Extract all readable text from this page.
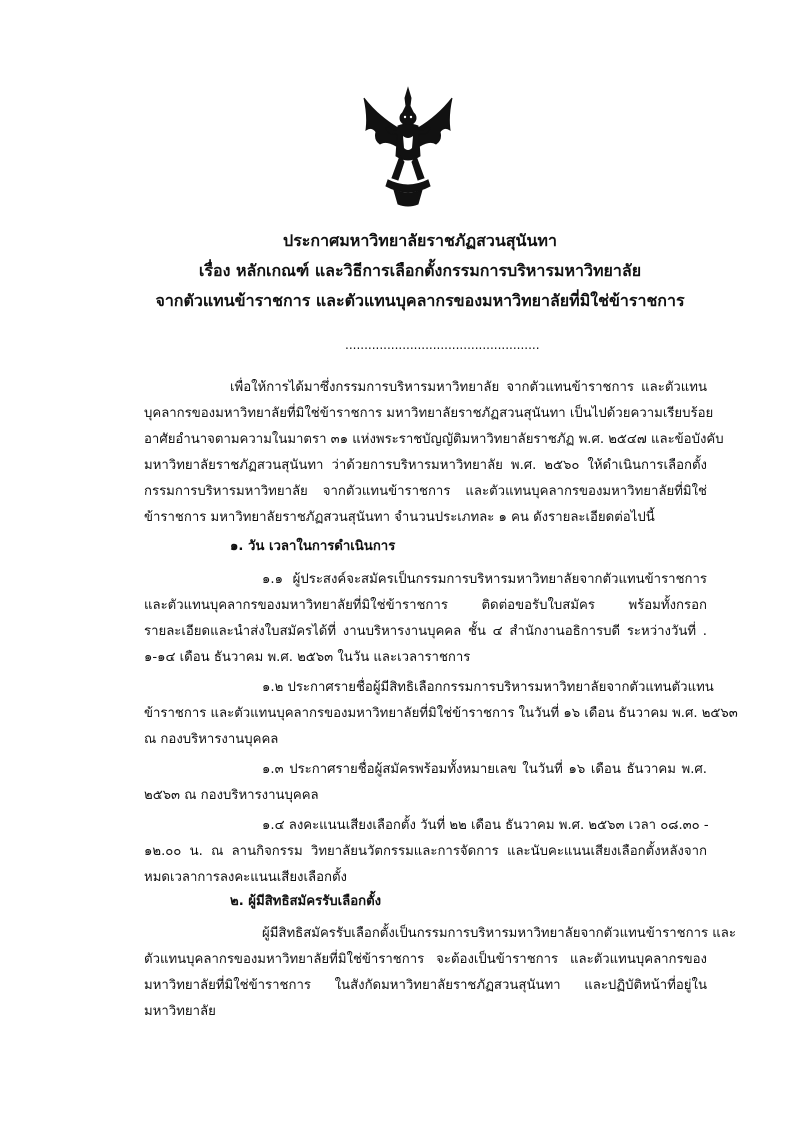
ประกาศมหาวิทยาลัยราชภัฏสวนสุนันทา
เรื่อง หลักเกณฑ์ และวิธีการเลือกตั้งกรรมการบริหารมหาวิทยาลัย
จากตัวแทนข้าราชการ และตัวแทนบุคลากรของมหาวิทยาลัยที่มิใช่ข้าราชการ
...................................................
เพื่อให้การได้มาซึ่งกรรมการบริหารมหาวิทยาลัย จากตัวแทนข้าราชการ และตัวแทน
บุคลากรของมหาวิทยาลัยที่มิใช่ข้าราชการ มหาวิทยาลัยราชภัฏสวนสุนันทา เป็นไปด้วยความเรียบร้อย
อาศัยอำนาจตามความในมาตรา ๓๑ แห่งพระราชบัญญัติมหาวิทยาลัยราชภัฏ พ.ศ. ๒๕๔๗ และข้อบังคับ
มหาวิทยาลัยราชภัฏสวนสุนันทา ว่าด้วยการบริหารมหาวิทยาลัย พ.ศ. ๒๕๖๐ ให้ดำเนินการเลือกตั้ง
กรรมการบริหารมหาวิทยาลัย จากตัวแทนข้าราชการ และตัวแทนบุคลากรของมหาวิทยาลัยที่มิใช่
ข้าราชการ มหาวิทยาลัยราชภัฏสวนสุนันทา จำนวนประเภทละ ๑ คน ดังรายละเอียดต่อไปนี้
๑. วัน เวลาในการดำเนินการ
๑.๑ ผู้ประสงค์จะสมัครเป็นกรรมการบริหารมหาวิทยาลัยจากตัวแทนข้าราชการ
และตัวแทนบุคลากรของมหาวิทยาลัยที่มิใช่ข้าราชการ ติดต่อขอรับใบสมัคร พร้อมทั้งกรอก
รายละเอียดและนำส่งใบสมัครได้ที่ งานบริหารงานบุคคล ชั้น ๔ สำนักงานอธิการบดี ระหว่างวันที่ .
๑-๑๔ เดือน ธันวาคม พ.ศ. ๒๕๖๓ ในวัน และเวลาราชการ
๑.๒ ประกาศรายชื่อผู้มีสิทธิเลือกกรรมการบริหารมหาวิทยาลัยจากตัวแทนตัวแทน
ข้าราชการ และตัวแทนบุคลากรของมหาวิทยาลัยที่มิใช่ข้าราชการ ในวันที่ ๑๖ เดือน ธันวาคม พ.ศ. ๒๕๖๓
ณ กองบริหารงานบุคคล
๑.๓ ประกาศรายชื่อผู้สมัครพร้อมทั้งหมายเลข ในวันที่ ๑๖ เดือน ธันวาคม พ.ศ.
๒๕๖๓ ณ กองบริหารงานบุคคล
๑.๔ ลงคะแนนเสียงเลือกตั้ง วันที่ ๒๒ เดือน ธันวาคม พ.ศ. ๒๕๖๓ เวลา ๐๘.๓๐ -
๑๒.๐๐ น. ณ ลานกิจกรรม วิทยาลัยนวัตกรรมและการจัดการ และนับคะแนนเสียงเลือกตั้งหลังจาก
หมดเวลาการลงคะแนนเสียงเลือกตั้ง
๒. ผู้มีสิทธิสมัครรับเลือกตั้ง
ผู้มีสิทธิสมัครรับเลือกตั้งเป็นกรรมการบริหารมหาวิทยาลัยจากตัวแทนข้าราชการ และ
ตัวแทนบุคลากรของมหาวิทยาลัยที่มิใช่ข้าราชการ จะต้องเป็นข้าราชการ และตัวแทนบุคลากรของ
มหาวิทยาลัยที่มิใช่ข้าราชการ ในสังกัดมหาวิทยาลัยราชภัฏสวนสุนันทา และปฏิบัติหน้าที่อยู่ใน
มหาวิทยาลัย
